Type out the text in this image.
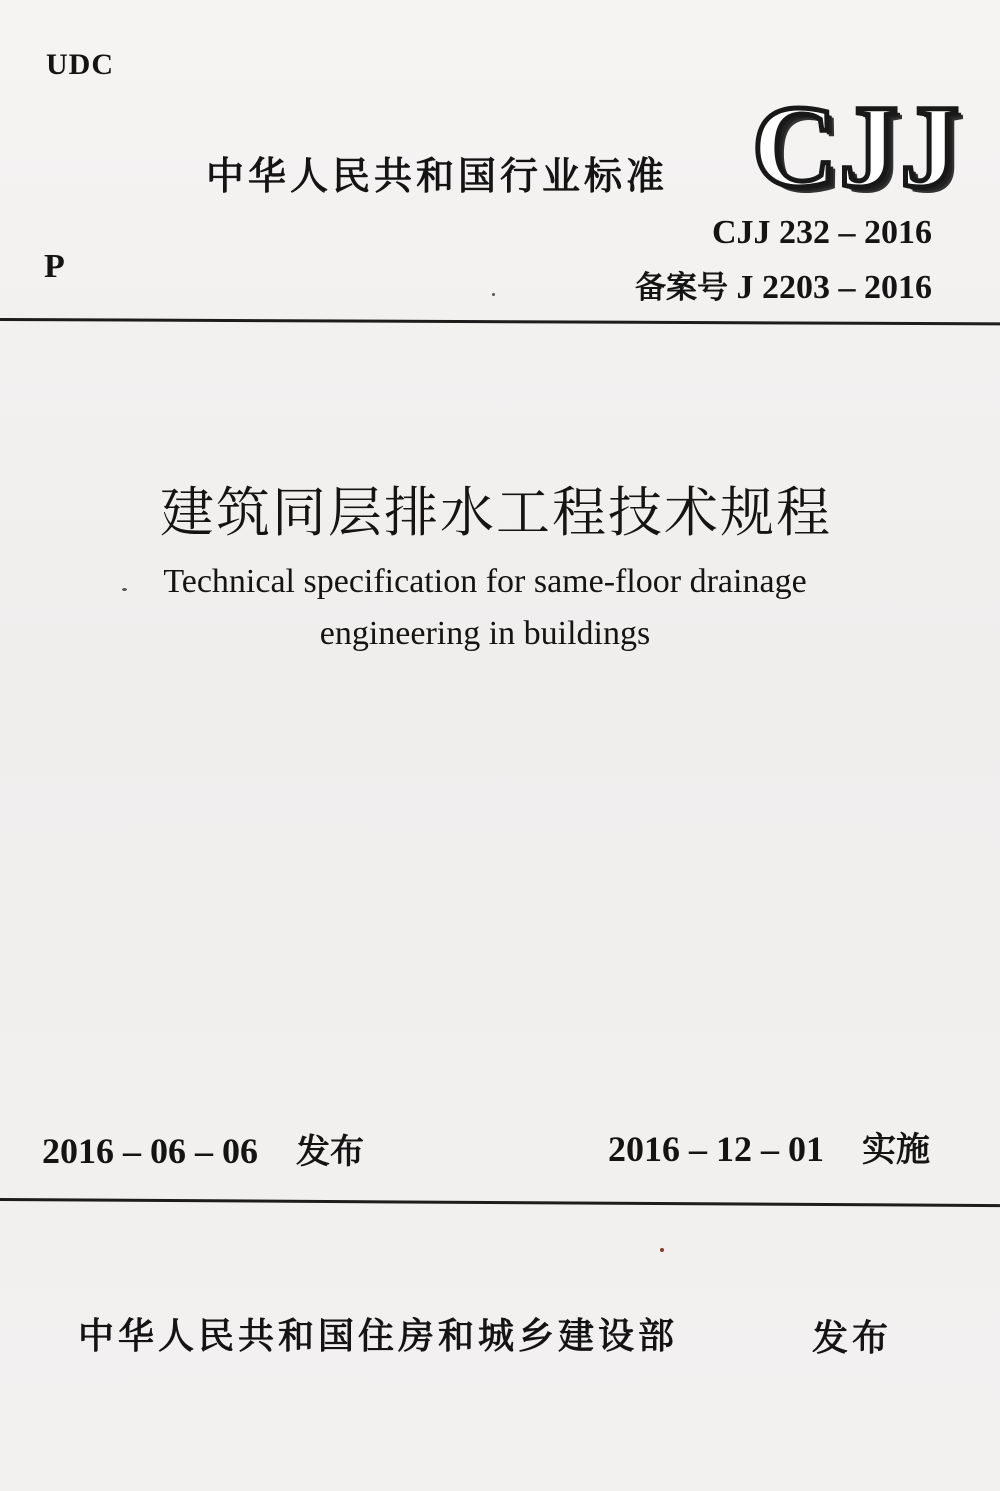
UDC
P
中华人民共和国行业标准 CJJ
CJJ 232 – 2016
备案号 J 2203 – 2016
建筑同层排水工程技术规程
Technical specification for same-floor drainage
engineering in buildings
2016 – 06 – 06 发布	2016 – 12 – 01 实施
中华人民共和国住房和城乡建设部	发布
